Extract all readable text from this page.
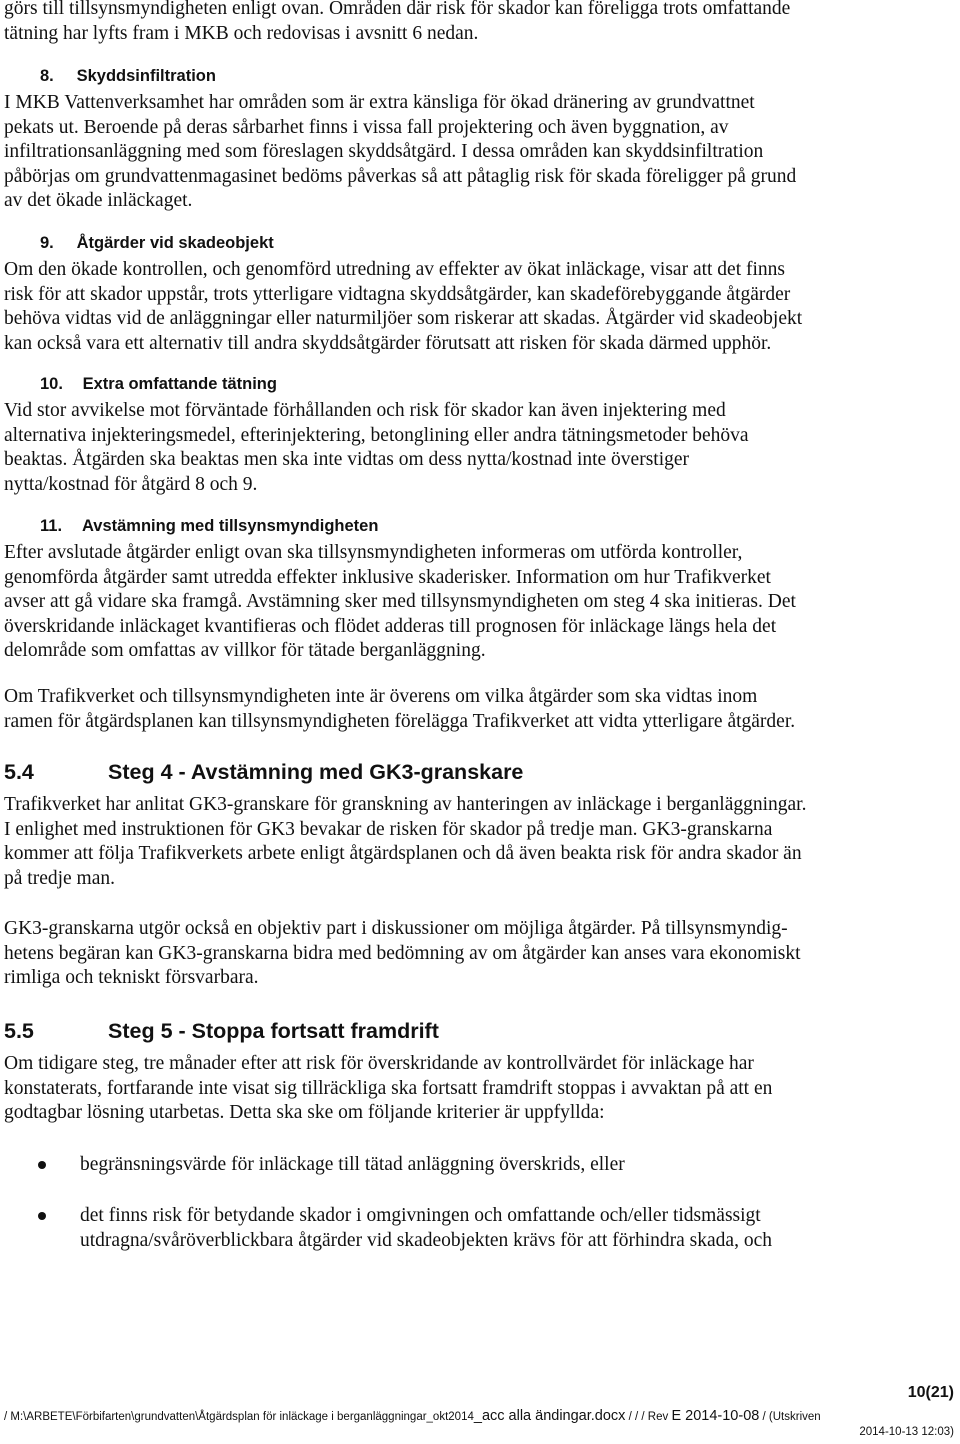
görs till tillsynsmyndigheten enligt ovan. Områden där risk för skador kan föreligga trots omfattande
tätning har lyfts fram i MKB och redovisas i avsnitt 6 nedan.

8. Skyddsinfiltration

I MKB Vattenverksamhet har områden som är extra känsliga för ökad dränering av grundvattnet
pekats ut. Beroende på deras sårbarhet finns i vissa fall projektering och även byggnation, av
infiltrationsanläggning med som föreslagen skyddsåtgärd. I dessa områden kan skyddsinfiltration
påbörjas om grundvattenmagasinet bedöms påverkas så att påtaglig risk för skada föreligger på grund
av det ökade inläckaget.

9. Åtgärder vid skadeobjekt

Om den ökade kontrollen, och genomförd utredning av effekter av ökat inläckage, visar att det finns
risk för att skador uppstår, trots ytterligare vidtagna skyddsåtgärder, kan skadeförebyggande åtgärder
behöva vidtas vid de anläggningar eller naturmiljöer som riskerar att skadas. Åtgärder vid skadeobjekt
kan också vara ett alternativ till andra skyddsåtgärder förutsatt att risken för skada därmed upphör.

10. Extra omfattande tätning

Vid stor avvikelse mot förväntade förhållanden och risk för skador kan även injektering med
alternativa injekteringsmedel, efterinjektering, betonglining eller andra tätningsmetoder behöva
beaktas. Åtgärden ska beaktas men ska inte vidtas om dess nytta/kostnad inte överstiger
nytta/kostnad för åtgärd 8 och 9.

11. Avstämning med tillsynsmyndigheten

Efter avslutade åtgärder enligt ovan ska tillsynsmyndigheten informeras om utförda kontroller,
genomförda åtgärder samt utredda effekter inklusive skaderisker. Information om hur Trafikverket
avser att gå vidare ska framgå. Avstämning sker med tillsynsmyndigheten om steg 4 ska initieras. Det
överskridande inläckaget kvantifieras och flödet adderas till prognosen för inläckage längs hela det
delområde som omfattas av villkor för tätade berganläggning.

Om Trafikverket och tillsynsmyndigheten inte är överens om vilka åtgärder som ska vidtas inom
ramen för åtgärdsplanen kan tillsynsmyndigheten förelägga Trafikverket att vidta ytterligare åtgärder.

5.4	Steg 4 - Avstämning med GK3-granskare

Trafikverket har anlitat GK3-granskare för granskning av hanteringen av inläckage i berganläggningar.
I enlighet med instruktionen för GK3 bevakar de risken för skador på tredje man. GK3-granskarna
kommer att följa Trafikverkets arbete enligt åtgärdsplanen och då även beakta risk för andra skador än
på tredje man.

GK3-granskarna utgör också en objektiv part i diskussioner om möjliga åtgärder. På tillsynsmyndig-
hetens begäran kan GK3-granskarna bidra med bedömning av om åtgärder kan anses vara ekonomiskt
rimliga och tekniskt försvarbara.

5.5	Steg 5 - Stoppa fortsatt framdrift

Om tidigare steg, tre månader efter att risk för överskridande av kontrollvärdet för inläckage har
konstaterats, fortfarande inte visat sig tillräckliga ska fortsatt framdrift stoppas i avvaktan på att en
godtagbar lösning utarbetas. Detta ska ske om följande kriterier är uppfyllda:

begränsningsvärde för inläckage till tätad anläggning överskrids, eller

det finns risk för betydande skador i omgivningen och omfattande och/eller tidsmässigt
utdragna/svåröverblickbara åtgärder vid skadeobjekten krävs för att förhindra skada, och

10(21)
/ M:\ARBETE\Förbifarten\grundvatten\Åtgärdsplan för inläckage i berganläggningar_okt2014_acc alla ändingar.docx / / / Rev E 2014-10-08 / (Utskriven
2014-10-13 12:03)
